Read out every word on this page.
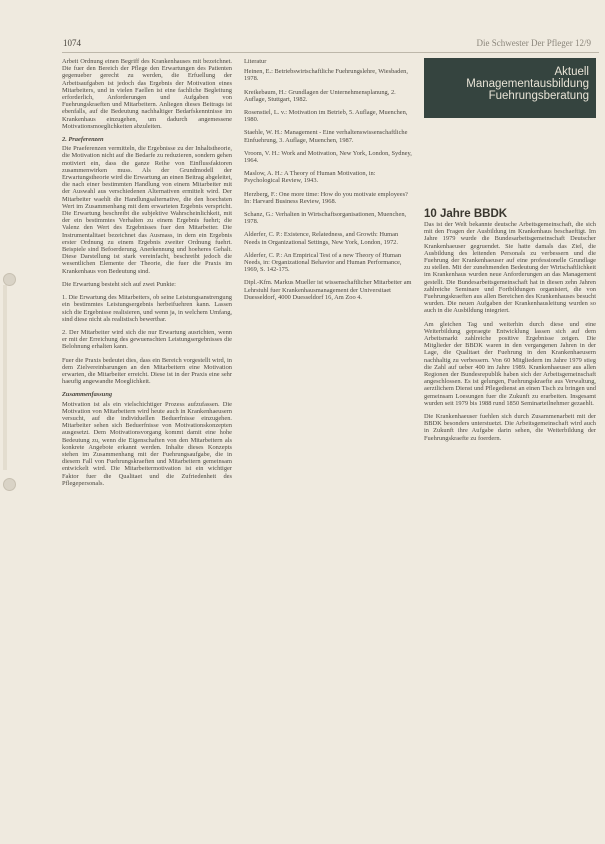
1074	Die Schwester Der Pfleger 12/9

Arbeit Ordnung einen Begriff des Krankenhauses mit bezeichnet. Die fuer den Bereich der Pflege den Erwartungen des Patienten gegenueber gerecht zu werden, die Erfuellung der Arbeitsaufgaben ist jedoch das Ergebnis der Motivation eines Mitarbeiters, und in vielen Faellen ist eine fachliche Begleitung erforderlich, Anforderungen und Aufgaben von Fuehrungskraeften und Mitarbeitern. Anliegen dieses Beitrags ist ebenfalls, auf die Bedeutung nachhaltiger Bedarfskenntnisse im Krankenhaus einzugehen, um dadurch angemessene Motivationsmoeglichkeiten abzuleiten.

2. Praeferenzen

Die Praeferenzen vermitteln, die Ergebnisse zu der Inhaltstheorie, die Motivation nicht auf die Bedarfe zu reduzieren, sondern gehen motiviert ein, dass die ganze Reihe von Einflussfaktoren zusammenwirken muss. Als der Grundmodell der Erwartungstheorie wird die Erwartung an einen Beitrag abgeleitet, die nach einer bestimmten Handlung von einem Mitarbeiter mit der Auswahl aus verschiedenen Alternativen ermittelt wird. Der Mitarbeiter waehlt die Handlungsalternative, die den hoechsten Wert im Zusammenhang mit dem erwarteten Ergebnis verspricht. Die Erwartung beschreibt die subjektive Wahrscheinlichkeit, mit der ein bestimmtes Verhalten zu einem Ergebnis fuehrt; die Valenz den Wert des Ergebnisses fuer den Mitarbeiter. Die Instrumentalitaet bezeichnet das Ausmass, in dem ein Ergebnis erster Ordnung zu einem Ergebnis zweiter Ordnung fuehrt. Beispiele sind Befoerderung, Anerkennung und hoeheres Gehalt. Diese Darstellung ist stark vereinfacht, beschreibt jedoch die wesentlichen Elemente der Theorie, die fuer die Praxis im Krankenhaus von Bedeutung sind.

Die Erwartung besteht sich auf zwei Punkte:

1. Die Erwartung des Mitarbeiters, ob seine Leistungsanstrengung ein bestimmtes Leistungsergebnis herbeifuehren kann. Lassen sich die Ergebnisse realisieren, und wenn ja, in welchem Umfang, sind diese nicht als realistisch bewertbar.

2. Der Mitarbeiter wird sich die nur Erwartung ausrichten, wenn er mit der Erreichung des gewuenschten Leistungsergebnisses die Belohnung erhalten kann.

Fuer die Praxis bedeutet dies, dass ein Bereich vorgestellt wird, in dem Zielvereinbarungen an den Mitarbeitern eine Motivation erwarten, die Mitarbeiter erreicht. Diese ist in der Praxis eine sehr haeufig angewandte Moeglichkeit.

Zusammenfassung

Motivation ist als ein vielschichtiger Prozess aufzufassen. Die Motivation von Mitarbeitern wird heute auch in Krankenhaeusern versucht, auf die individuellen Beduerfnisse einzugehen. Mitarbeiter sehen sich Beduerfnisse von Motivationskonzepten ausgesetzt. Dem Motivationsvorgang kommt damit eine hohe Bedeutung zu, wenn die Eigenschaften von den Mitarbeitern als konkrete Angebote erkannt werden. Inhalte dieses Konzepts stehen im Zusammenhang mit der Fuehrungsaufgabe, die in diesem Fall von Fuehrungskraeften und Mitarbeitern gemeinsam entwickelt wird. Die Mitarbeitermotivation ist ein wichtiger Faktor fuer die Qualitaet und die Zufriedenheit des Pflegepersonals.

Literatur

Heinen, E.: Betriebswirtschaftliche Fuehrungslehre, Wiesbaden, 1978.

Kreikebaum, H.: Grundlagen der Unternehmensplanung, 2. Auflage, Stuttgart, 1982.

Rosenstiel, L. v.: Motivation im Betrieb, 5. Auflage, Muenchen, 1980.

Staehle, W. H.: Management - Eine verhaltenswissenschaftliche Einfuehrung, 3. Auflage, Muenchen, 1987.

Vroom, V. H.: Work and Motivation, New York, London, Sydney, 1964.

Maslow, A. H.: A Theory of Human Motivation, in: Psychological Review, 1943.

Herzberg, F.: One more time: How do you motivate employees? In: Harvard Business Review, 1968.

Schanz, G.: Verhalten in Wirtschaftsorganisationen, Muenchen, 1978.

Alderfer, C. P.: Existence, Relatedness, and Growth: Human Needs in Organizational Settings, New York, London, 1972.

Alderfer, C. P.: An Empirical Test of a new Theory of Human Needs, in: Organizational Behavior and Human Performance, 1969, S. 142-175.

Dipl.-Kfm. Markus Mueller ist wissenschaftlicher Mitarbeiter am Lehrstuhl fuer Krankenhausmanagement der Universitaet Duesseldorf, 4000 Duesseldorf 16, Am Zoo 4.

Aktuell
Managementausbildung
Fuehrungsberatung
10 Jahre BBDK

Das ist der Welt bekannte deutsche Arbeitsgemeinschaft, die sich mit den Fragen der Ausbildung im Krankenhaus beschaeftigt. Im Jahre 1979 wurde die Bundesarbeitsgemeinschaft Deutscher Krankenhaeuser gegruendet. Sie hatte damals das Ziel, die Ausbildung des leitenden Personals zu verbessern und die Fuehrung der Krankenhaeuser auf eine professionelle Grundlage zu stellen. Mit der zunehmenden Bedeutung der Wirtschaftlichkeit im Krankenhaus wurden neue Anforderungen an das Management gestellt. Die Bundesarbeitsgemeinschaft hat in diesen zehn Jahren zahlreiche Seminare und Fortbildungen organisiert, die von Fuehrungskraeften aus allen Bereichen des Krankenhauses besucht wurden. Die neuen Aufgaben der Krankenhausleitung wurden so auch in die Ausbildung integriert.

Am gleichen Tag und weiterhin durch diese und eine Weiterbildung gepraegte Entwicklung lassen sich auf dem Arbeitsmarkt zahlreiche positive Ergebnisse zeigen. Die Mitglieder der BBDK waren in den vergangenen Jahren in der Lage, die Qualitaet der Fuehrung in den Krankenhaeusern nachhaltig zu verbessern. Von 60 Mitgliedern im Jahre 1979 stieg die Zahl auf ueber 400 im Jahre 1989. Krankenhaeuser aus allen Regionen der Bundesrepublik haben sich der Arbeitsgemeinschaft angeschlossen. Es ist gelungen, Fuehrungskraefte aus Verwaltung, aerztlichem Dienst und Pflegedienst an einen Tisch zu bringen und gemeinsam Loesungen fuer die Zukunft zu erarbeiten. Insgesamt wurden seit 1979 bis 1988 rund 1850 Seminarteilnehmer gezaehlt.

Die Krankenhaeuser fuehlen sich durch Zusammenarbeit mit der BBDK besonders unterstuetzt. Die Arbeitsgemeinschaft wird auch in Zukunft ihre Aufgabe darin sehen, die Weiterbildung der Fuehrungskraefte zu foerdern.
